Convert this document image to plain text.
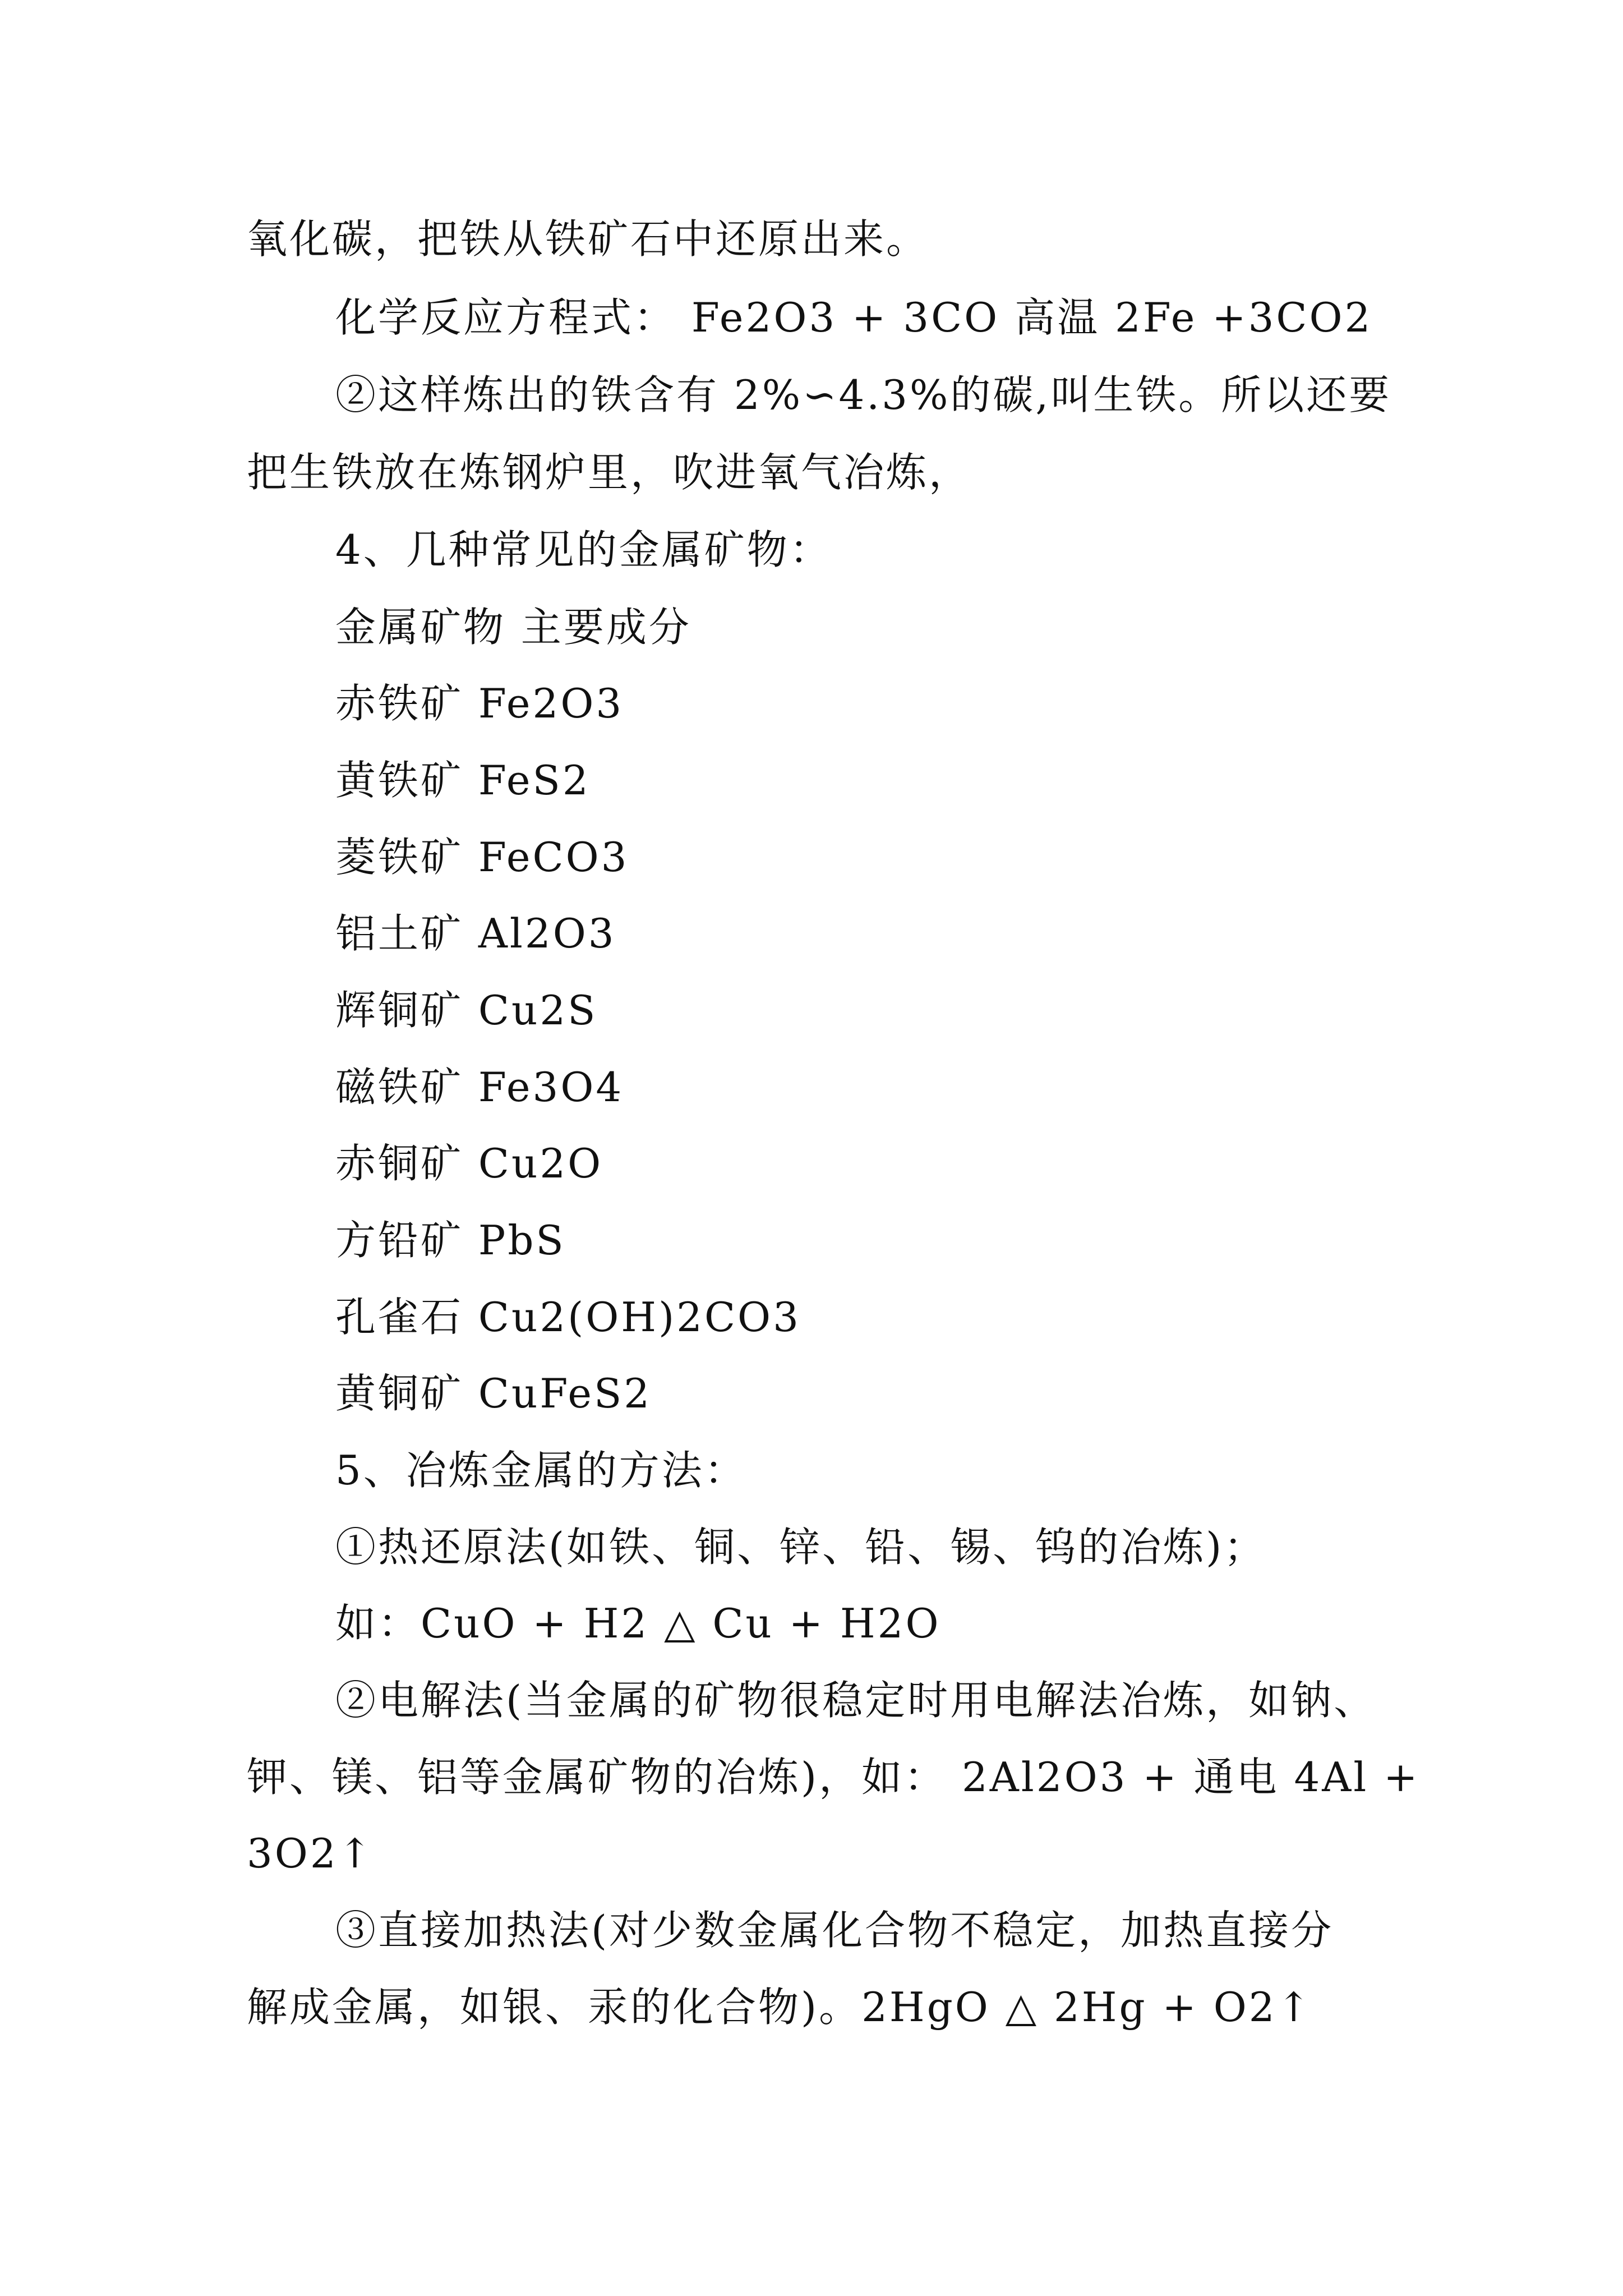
氧化碳，把铁从铁矿石中还原出来。
化学反应方程式： Fe2O3 + 3CO 高温 2Fe +3CO2
②这样炼出的铁含有 2%∽4.3%的碳,叫生铁。所以还要
把生铁放在炼钢炉里，吹进氧气冶炼，
4、几种常见的金属矿物：
金属矿物 主要成分
赤铁矿 Fe2O3
黄铁矿 FeS2
菱铁矿 FeCO3
铝土矿 Al2O3
辉铜矿 Cu2S
磁铁矿 Fe3O4
赤铜矿 Cu2O
方铅矿 PbS
孔雀石 Cu2(OH)2CO3
黄铜矿 CuFeS2
5、冶炼金属的方法：
①热还原法(如铁、铜、锌、铅、锡、钨的冶炼)；
如：CuO + H2 △ Cu + H2O
②电解法(当金属的矿物很稳定时用电解法冶炼，如钠、
钾、镁、铝等金属矿物的冶炼)，如： 2Al2O3 + 通电 4Al +
3O2↑
③直接加热法(对少数金属化合物不稳定，加热直接分
解成金属，如银、汞的化合物)。2HgO △ 2Hg + O2↑
